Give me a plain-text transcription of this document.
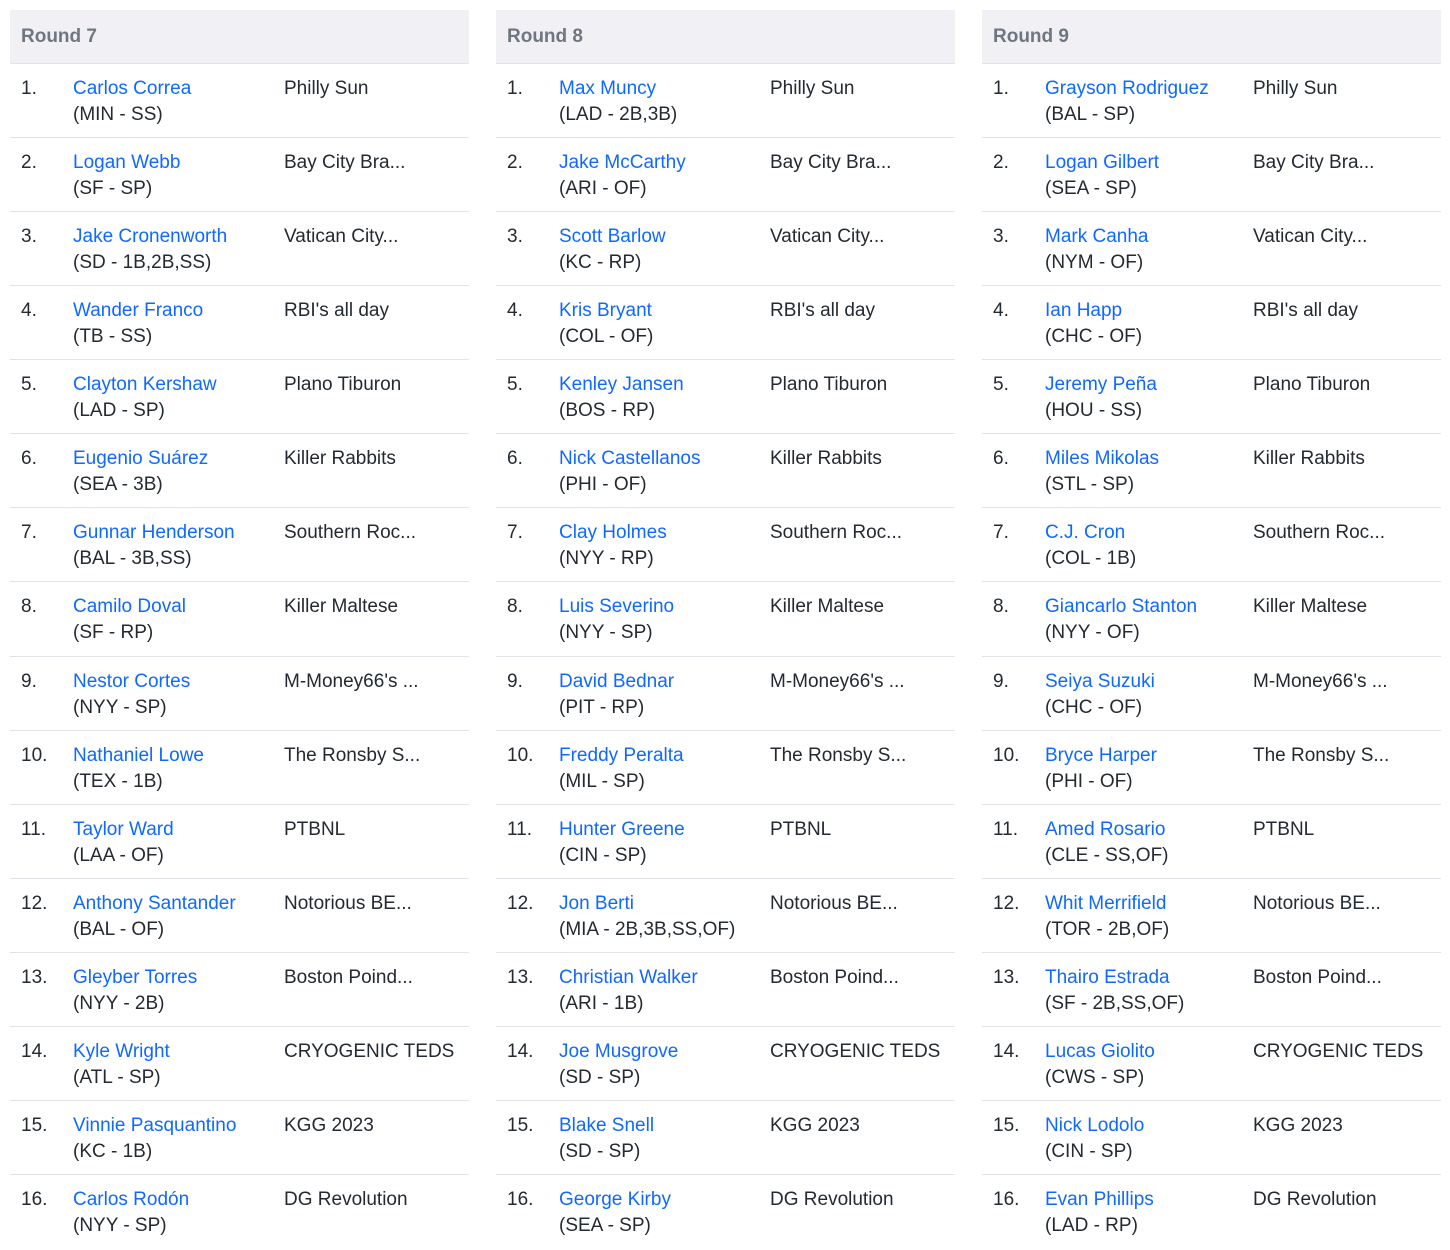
Round 7
1. Carlos Correa
(MIN - SS)
Philly Sun
2. Logan Webb
(SF - SP)
Bay City Bra...
3. Jake Cronenworth
(SD - 1B,2B,SS)
Vatican City...
4. Wander Franco
(TB - SS)
RBI's all day
5. Clayton Kershaw
(LAD - SP)
Plano Tiburon
6. Eugenio Suárez
(SEA - 3B)
Killer Rabbits
7. Gunnar Henderson
(BAL - 3B,SS)
Southern Roc...
8. Camilo Doval
(SF - RP)
Killer Maltese
9. Nestor Cortes
(NYY - SP)
M-Money66's ...
10. Nathaniel Lowe
(TEX - 1B)
The Ronsby S...
11. Taylor Ward
(LAA - OF)
PTBNL
12. Anthony Santander
(BAL - OF)
Notorious BE...
13. Gleyber Torres
(NYY - 2B)
Boston Poind...
14. Kyle Wright
(ATL - SP)
CRYOGENIC TEDS
15. Vinnie Pasquantino
(KC - 1B)
KGG 2023
16. Carlos Rodón
(NYY - SP)
DG Revolution
Round 8
1. Max Muncy
(LAD - 2B,3B)
Philly Sun
2. Jake McCarthy
(ARI - OF)
Bay City Bra...
3. Scott Barlow
(KC - RP)
Vatican City...
4. Kris Bryant
(COL - OF)
RBI's all day
5. Kenley Jansen
(BOS - RP)
Plano Tiburon
6. Nick Castellanos
(PHI - OF)
Killer Rabbits
7. Clay Holmes
(NYY - RP)
Southern Roc...
8. Luis Severino
(NYY - SP)
Killer Maltese
9. David Bednar
(PIT - RP)
M-Money66's ...
10. Freddy Peralta
(MIL - SP)
The Ronsby S...
11. Hunter Greene
(CIN - SP)
PTBNL
12. Jon Berti
(MIA - 2B,3B,SS,OF)
Notorious BE...
13. Christian Walker
(ARI - 1B)
Boston Poind...
14. Joe Musgrove
(SD - SP)
CRYOGENIC TEDS
15. Blake Snell
(SD - SP)
KGG 2023
16. George Kirby
(SEA - SP)
DG Revolution
Round 9
1. Grayson Rodriguez
(BAL - SP)
Philly Sun
2. Logan Gilbert
(SEA - SP)
Bay City Bra...
3. Mark Canha
(NYM - OF)
Vatican City...
4. Ian Happ
(CHC - OF)
RBI's all day
5. Jeremy Peña
(HOU - SS)
Plano Tiburon
6. Miles Mikolas
(STL - SP)
Killer Rabbits
7. C.J. Cron
(COL - 1B)
Southern Roc...
8. Giancarlo Stanton
(NYY - OF)
Killer Maltese
9. Seiya Suzuki
(CHC - OF)
M-Money66's ...
10. Bryce Harper
(PHI - OF)
The Ronsby S...
11. Amed Rosario
(CLE - SS,OF)
PTBNL
12. Whit Merrifield
(TOR - 2B,OF)
Notorious BE...
13. Thairo Estrada
(SF - 2B,SS,OF)
Boston Poind...
14. Lucas Giolito
(CWS - SP)
CRYOGENIC TEDS
15. Nick Lodolo
(CIN - SP)
KGG 2023
16. Evan Phillips
(LAD - RP)
DG Revolution
